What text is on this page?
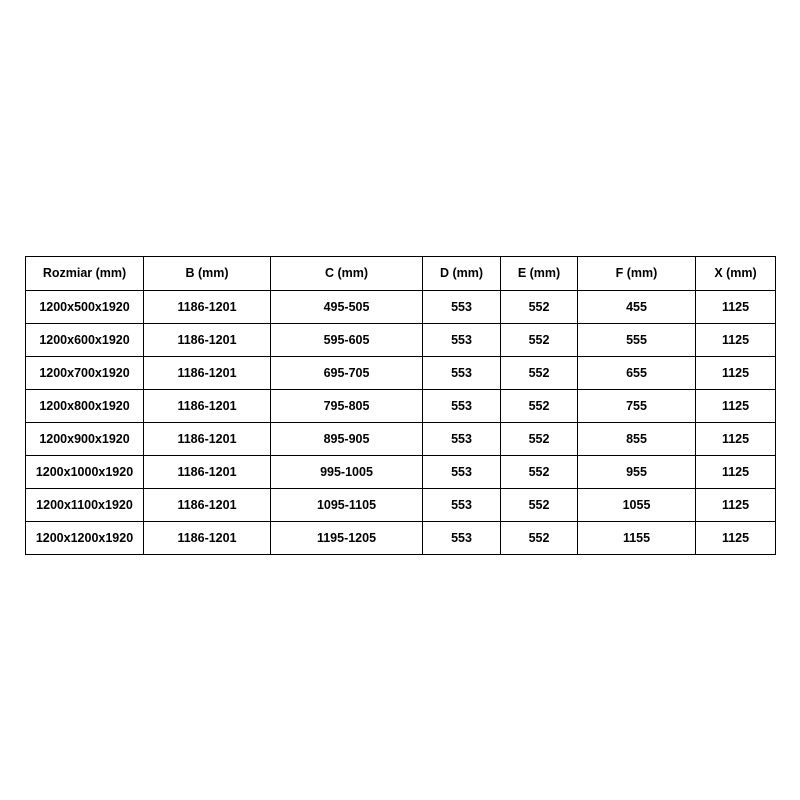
Rozmiar (mm)	B (mm)	C (mm)	D (mm)	E (mm)	F (mm)	X (mm)
1200x500x1920	1186-1201	495-505	553	552	455	1125
1200x600x1920	1186-1201	595-605	553	552	555	1125
1200x700x1920	1186-1201	695-705	553	552	655	1125
1200x800x1920	1186-1201	795-805	553	552	755	1125
1200x900x1920	1186-1201	895-905	553	552	855	1125
1200x1000x1920	1186-1201	995-1005	553	552	955	1125
1200x1100x1920	1186-1201	1095-1105	553	552	1055	1125
1200x1200x1920	1186-1201	1195-1205	553	552	1155	1125
